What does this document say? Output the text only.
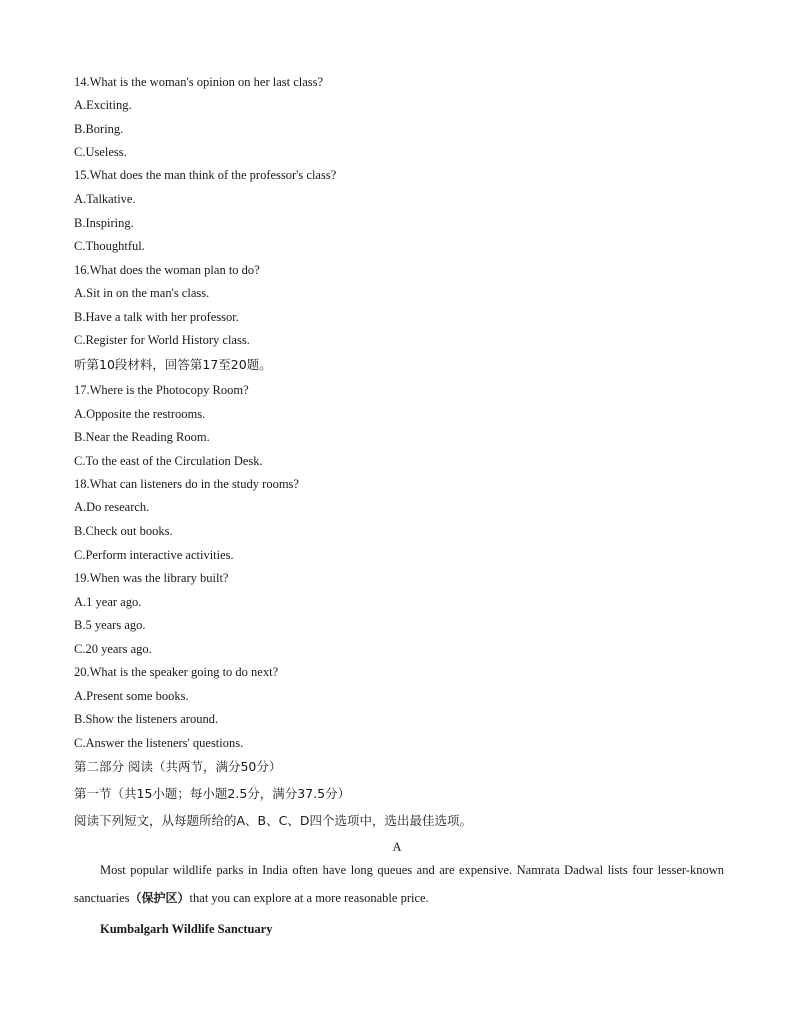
14.What is the woman's opinion on her last class?
A.Exciting.
B.Boring.
C.Useless.
15.What does the man think of the professor's class?
A.Talkative.
B.Inspiring.
C.Thoughtful.
16.What does the woman plan to do?
A.Sit in on the man's class.
B.Have a talk with her professor.
C.Register for World History class.
听第10段材料，回答第17至20题。
17.Where is the Photocopy Room?
A.Opposite the restrooms.
B.Near the Reading Room.
C.To the east of the Circulation Desk.
18.What can listeners do in the study rooms?
A.Do research.
B.Check out books.
C.Perform interactive activities.
19.When was the library built?
A.1 year ago.
B.5 years ago.
C.20 years ago.
20.What is the speaker going to do next?
A.Present some books.
B.Show the listeners around.
C.Answer the listeners' questions.
第二部分 阅读（共两节，满分50分）
第一节（共15小题；每小题2.5分，满分37.5分）
阅读下列短文，从每题所给的A、B、C、D四个选项中，选出最佳选项。
A
Most popular wildlife parks in India often have long queues and are expensive. Namrata Dadwal lists four lesser-known sanctuaries（保护区）that you can explore at a more reasonable price.
Kumbalgarh Wildlife Sanctuary
